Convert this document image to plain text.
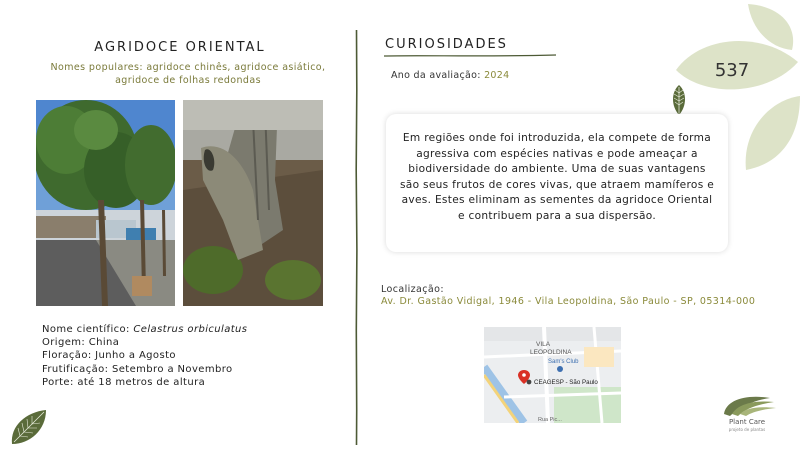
537
AGRIDOCE ORIENTAL
Nomes populares: agridoce chinês, agridoce asiático,
agridoce de folhas redondas
Nome científico: Celastrus orbiculatus
Origem: China
Floração: Junho a Agosto
Frutificação: Setembro a Novembro
Porte: até 18 metros de altura
CURIOSIDADES
Ano da avaliação: 2024

Em regiões onde foi introduzida, ela compete de forma agressiva com espécies nativas e pode ameaçar a biodiversidade do ambiente. Uma de suas vantagens são seus frutos de cores vivas, que atraem mamíferos e aves. Estes eliminam as sementes da agridoce Oriental e contribuem para a sua dispersão.

Localização:
Av. Dr. Gastão Vidigal, 1946 - Vila Leopoldina, São Paulo - SP, 05314-000
VILA
LEOPOLDINA
Sam's Club
CEAGESP - São Paulo
Rua Pic...	Plant Care
projeto de plantas
